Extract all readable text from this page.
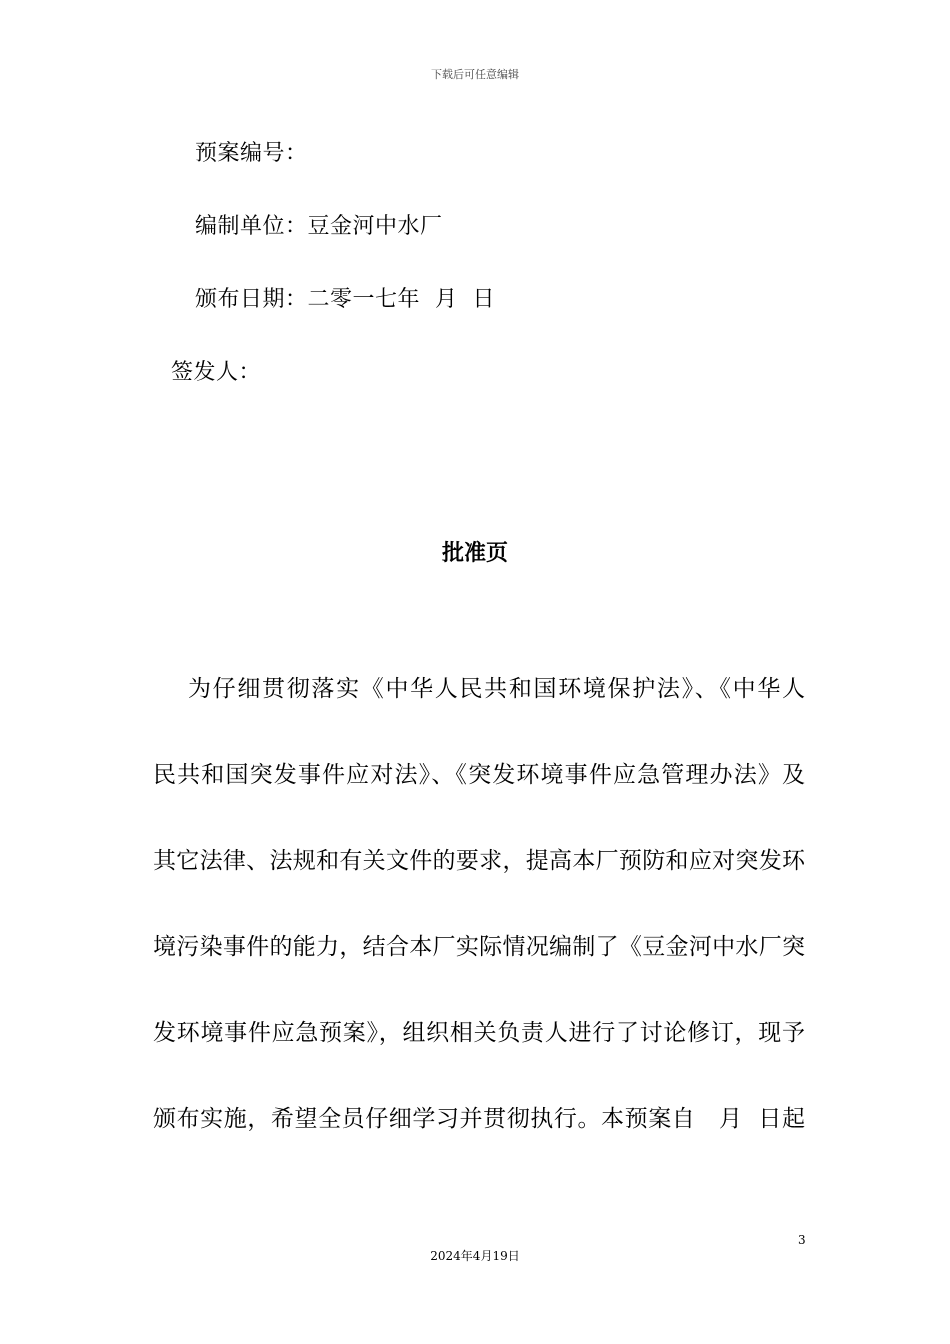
下载后可任意编辑
预案编号：
编制单位：豆金河中水厂
颁布日期：二零一七年  月  日
签发人：
批准页
为仔细贯彻落实《中华人民共和国环境保护法》、《中华人
民共和国突发事件应对法》、《突发环境事件应急管理办法》及
其它法律、法规和有关文件的要求，提高本厂预防和应对突发环
境污染事件的能力，结合本厂实际情况编制了《豆金河中水厂突
发环境事件应急预案》，组织相关负责人进行了讨论修订，现予
颁布实施，希望全员仔细学习并贯彻执行。本预案自   月  日起
3
2024年4月19日
